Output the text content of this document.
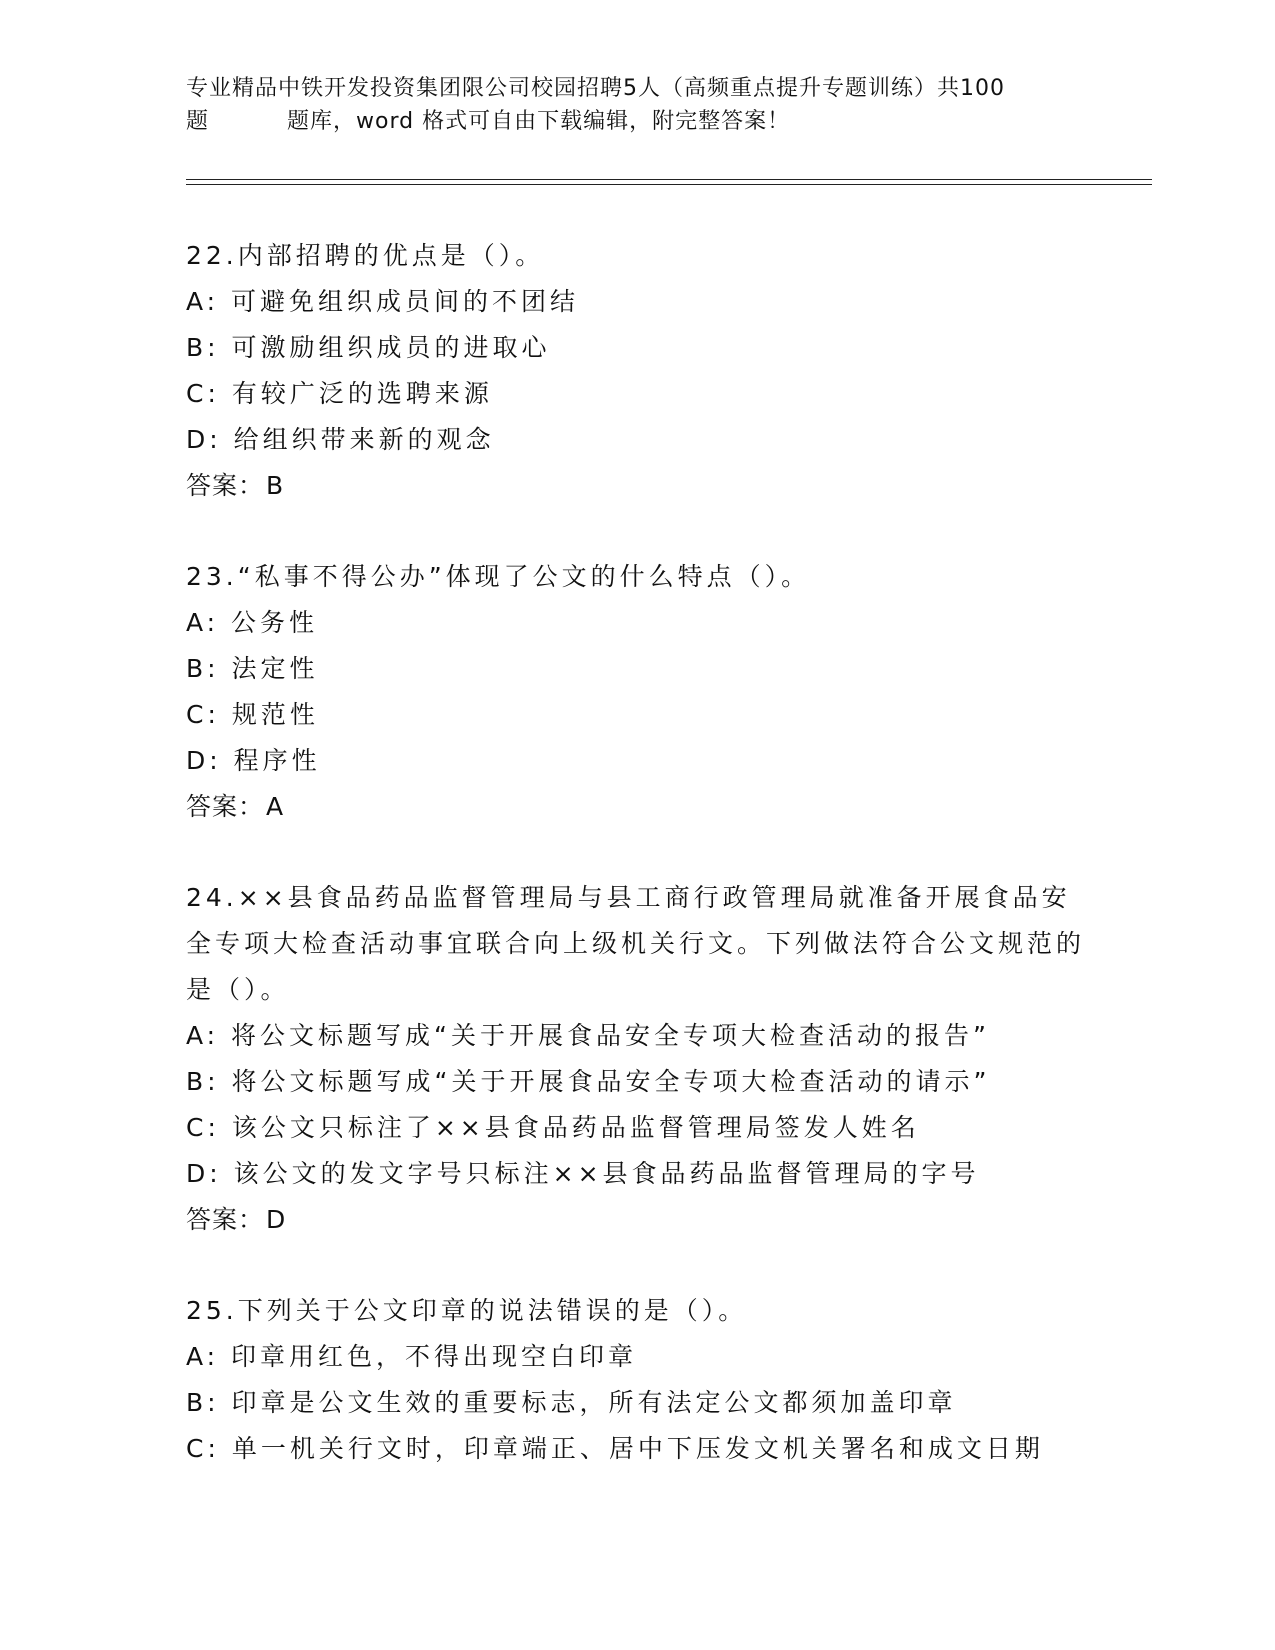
专业精品中铁开发投资集团限公司校园招聘5人（高频重点提升专题训练）共100
题	题库，word 格式可自由下载编辑，附完整答案！

22.内部招聘的优点是（）。

A: 可避免组织成员间的不团结

B: 可激励组织成员的进取心

C: 有较广泛的选聘来源

D: 给组织带来新的观念

答案：B

23.“私事不得公办”体现了公文的什么特点（）。

A: 公务性

B: 法定性

C: 规范性

D: 程序性

答案：A

24.××县食品药品监督管理局与县工商行政管理局就准备开展食品安全专项大检查活动事宜联合向上级机关行文。下列做法符合公文规范的是（）。

A: 将公文标题写成“关于开展食品安全专项大检查活动的报告”

B: 将公文标题写成“关于开展食品安全专项大检查活动的请示”

C: 该公文只标注了××县食品药品监督管理局签发人姓名

D: 该公文的发文字号只标注××县食品药品监督管理局的字号

答案：D

25.下列关于公文印章的说法错误的是（）。

A: 印章用红色，不得出现空白印章

B: 印章是公文生效的重要标志，所有法定公文都须加盖印章

C: 单一机关行文时，印章端正、居中下压发文机关署名和成文日期
